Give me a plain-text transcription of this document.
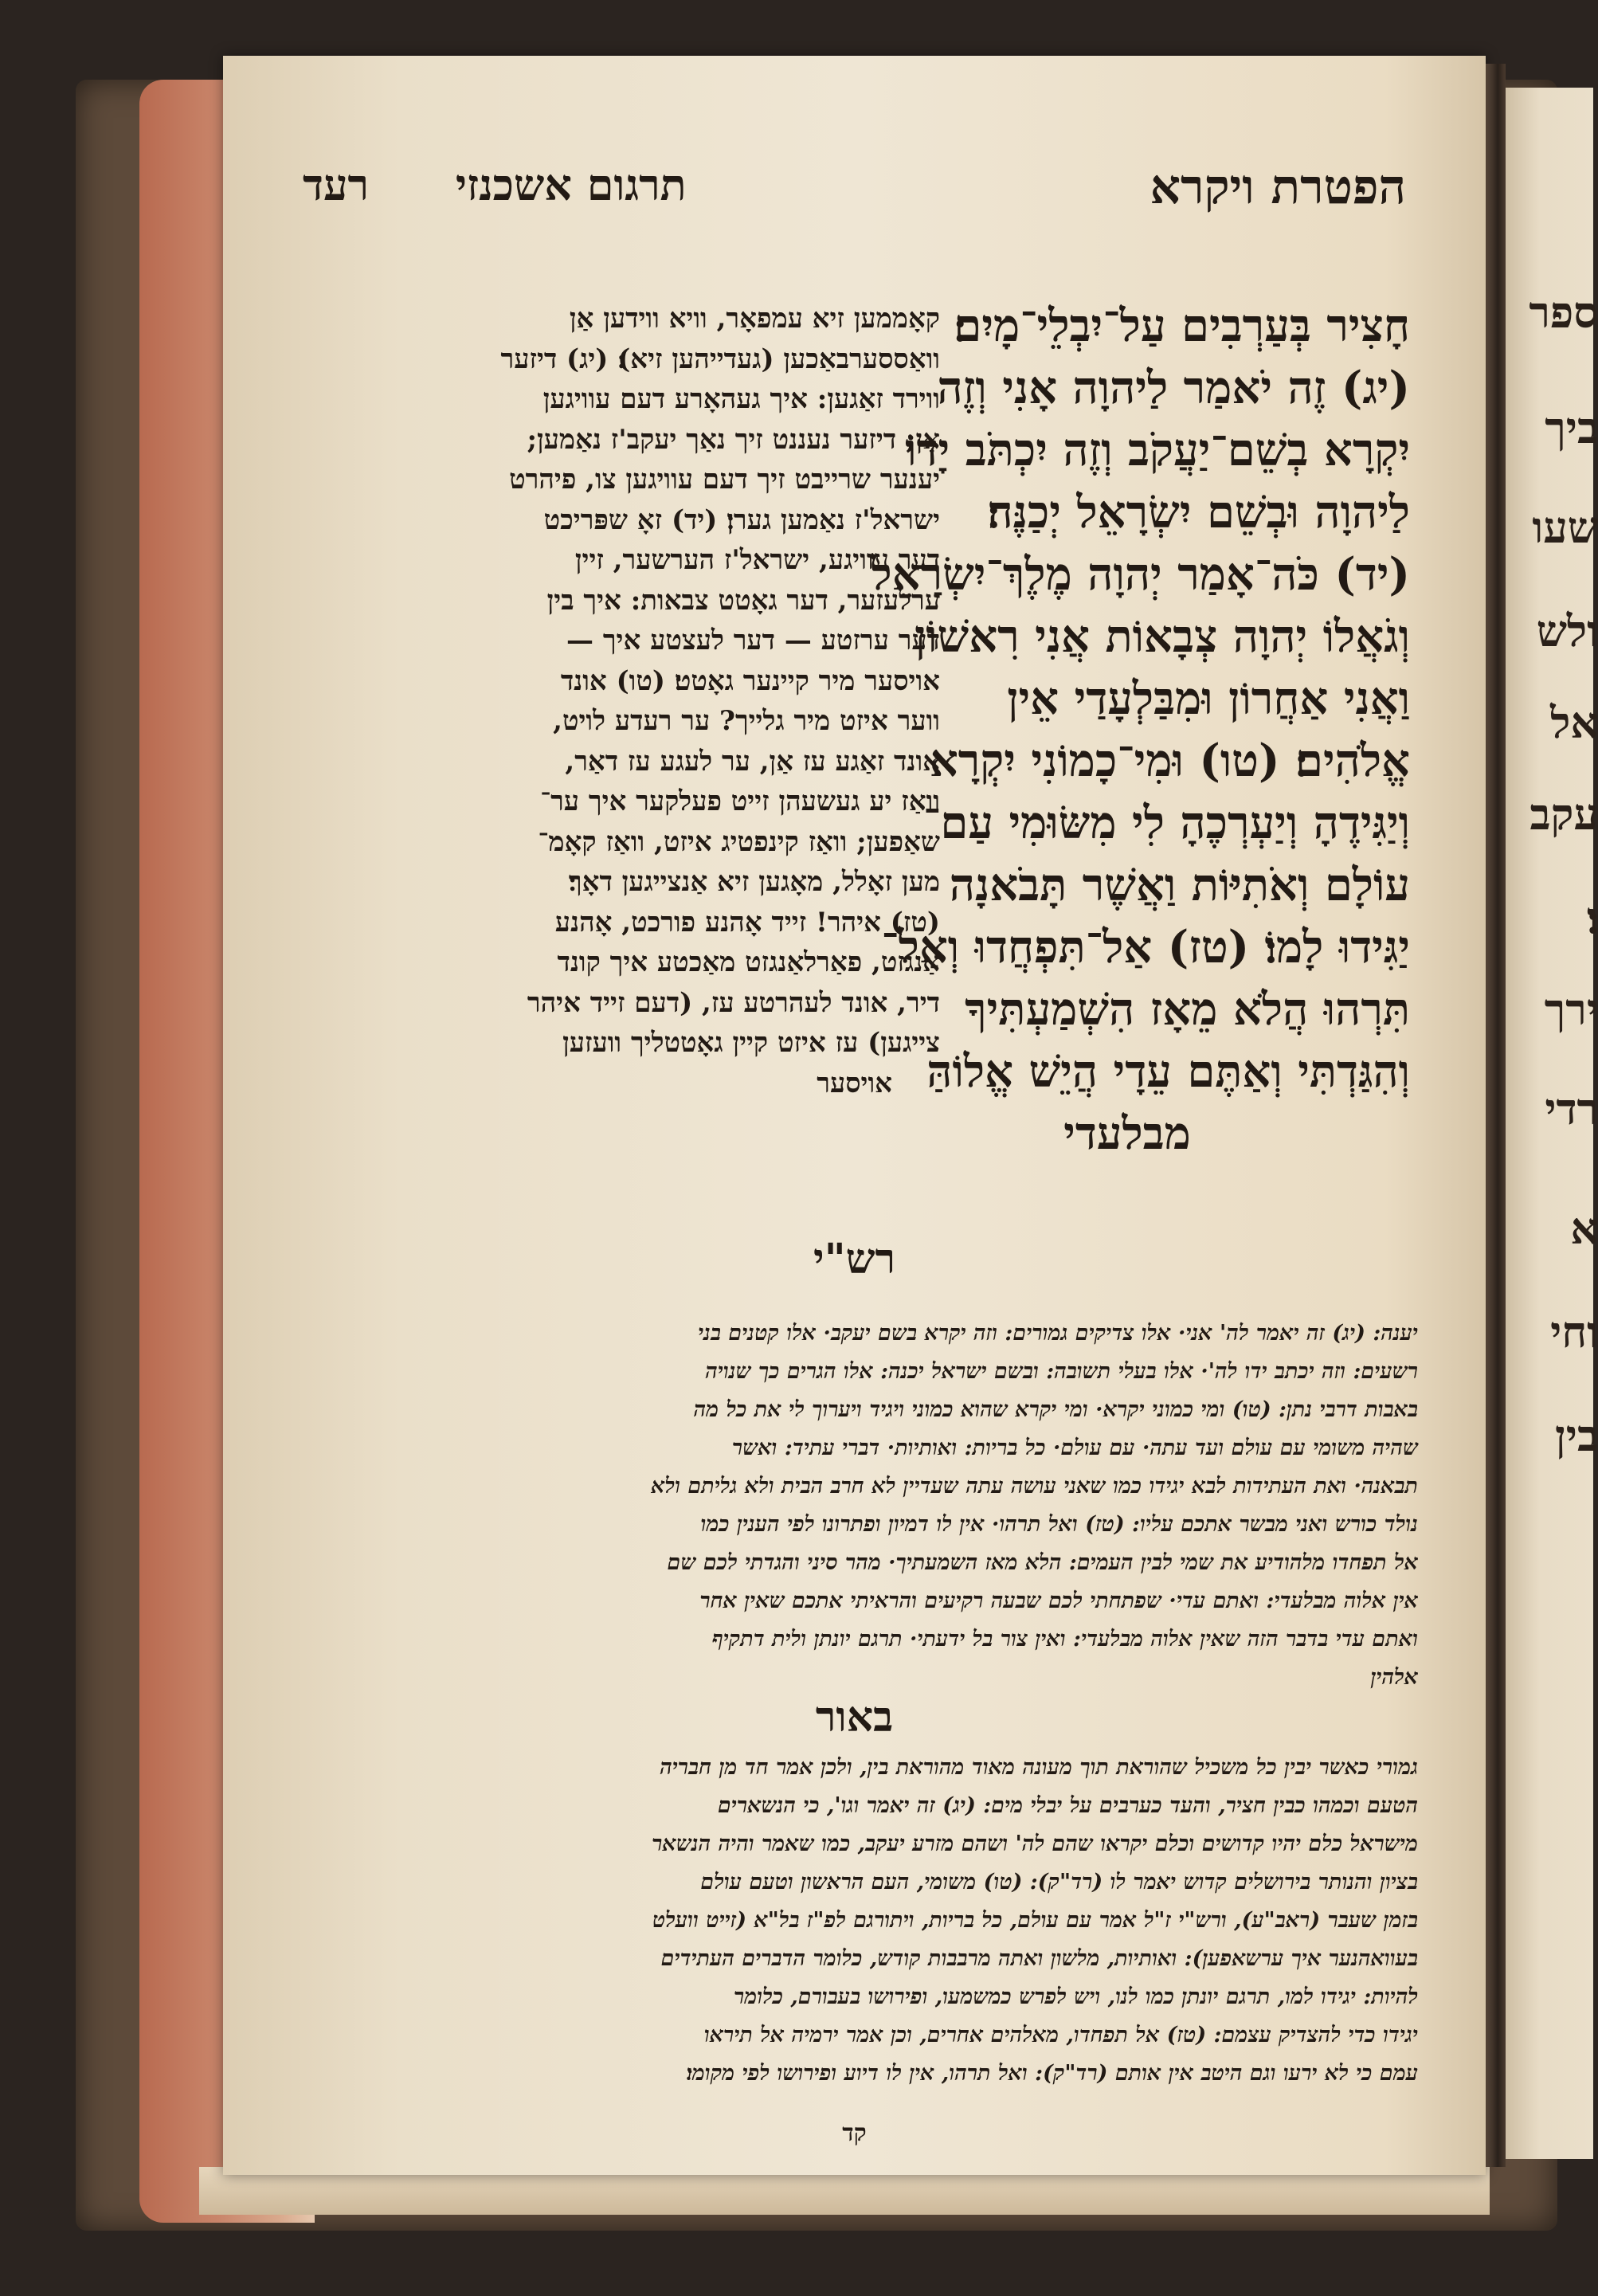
ספר
ביך
שעו
ולש
אל
עקב
ו׃
ירך
רדי
א
וחי
בין
הפטרת ויקרא
תרגום אשכנזי רעד
חָצִיר בְּעַרְבִים עַל־יִבְלֵי־מָיִם׃
(יג) זֶה יֹאמַר לַיהוָה אָנִי וְזֶה
יִקְרָא בְשֵׁם־יַעֲקֹב וְזֶה יִכְתֹּב יָדוֹ
לַיהוָה וּבְשֵׁם יִשְׂרָאֵל יְכַנֶּה׃
(יד) כֹּה־אָמַר יְהוָה מֶלֶךְ־יִשְׂרָאֵל
וְגֹאֲלוֹ יְהוָה צְבָאוֹת אֲנִי רִאשׁוֹן
וַאֲנִי אַחֲרוֹן וּמִבַּלְעָדַי אֵין
אֱלֹהִים׃ (טו) וּמִי־כָמוֹנִי יִקְרָא
וְיַגִּידֶהָ וְיַעְרְכֶהָ לִי מִשּׂוּמִי עַם־
עוֹלָם וְאֹתִיּוֹת וַאֲשֶׁר תָּבֹאנָה
יַגִּידוּ לָמוֹ׃ (טז) אַל־תִּפְחֲדוּ וְאַל־
תִּרְהוּ הֲלֹא מֵאָז הִשְׁמַעְתִּיךָ
וְהִגַּדְתִּי וְאַתֶּם עֵדָי הֲיֵשׁ אֱלוֹהַּ
מבלעדי
קאָממען זיא עמפאָר, וויא ווידען אַן
וואַססערבאַכען (געדייהען זיא)׃ (יג) דיזער
ווירד זאַגען: איך געהאָרע דעם עוויגען
אַן; דיזער נעננט זיך נאַך יעקב'ז נאַמען;
יענער שרייבט זיך דעם עוויגען צו, פיהרט
ישראל'ז נאַמען גערן׃ (יד) זאָ שפּריכט
דער עוויגע, ישראל'ז הערשער, זיין
ערלעזער, דער גאָטט צבאות: איך בין
דער ערזטע — דער לעצטע איך —
אויסער מיר קיינער גאָטט׃ (טו) אונד
ווער איזט מיר גלייך? ער רעדע לויט,
אונד זאַגע עז אַן, ער לעגע עז דאַר,
וואַז יע געשעהן זייט פעלקער איך ער־
שאַפען; וואַז קינפטיג איזט, וואַז קאָמ־
מען זאָלל, מאָגען זיא אַנצייגען דאָך׃
(טז) איהר! זייד אָהנע פורכט, אָהנע
אַנגזט, פאַרלאַנגזט מאַכטע איך קונד
דיר, אונד לעהרטע עז, (דעם זייד איהר
צייגען) עז איזט קיין גאָטטליך וועזען
אויסער
רש"י
יענה: (יג) זה יאמר לה' אני· אלו צדיקים גמורים: וזה יקרא בשם יעקב· אלו קטנים בני
רשעים: וזה יכתב ידו לה'· אלו בעלי תשובה: ובשם ישראל יכנה: אלו הגרים כך שנויה
באבות דרבי נתן: (טו) ומי כמוני יקרא· ומי יקרא שהוא כמוני ויגיד ויערוך לי את כל מה
שהיה משומי עם עולם ועד עתה· עם עולם· כל בריות: ואותיות· דברי עתיד: ואשר
תבאנה· ואת העתידות לבא יגידו כמו שאני עושה עתה שעדיין לא חרב הבית ולא גליתם ולא
נולד כורש ואני מבשר אתכם עליו: (טז) ואל תרהו· אין לו דמיון ופתרונו לפי הענין כמו
אל תפחדו מלהודיע את שמי לבין העמים: הלא מאז השמעתיך· מהר סיני והגדתי לכם שם
אין אלוה מבלעדי: ואתם עדי· שפתחתי לכם שבעה רקיעים והראיתי אתכם שאין אחר
ואתם עדי בדבר הזה שאין אלוה מבלעדי: ואין צור בל ידעתי· תרגם יונתן ולית דתקיף
אלהין
באור
גמורי כאשר יבין כל משכיל שהוראת תוך מעונה מאוד מהוראת בין, ולכן אמר חד מן חבריה
הטעם וכמהו כבין חציר, והעד כערבים על יבלי מים: (יג) זה יאמר וגו', כי הנשארים
מישראל כלם יהיו קדושים וכלם יקראו שהם לה' ושהם מזרע יעקב, כמו שאמר והיה הנשאר
בציון והנותר בירושלים קדוש יאמר לו (רד"ק): (טו) משומי, העם הראשון וטעם עולם
בזמן שעבר (ראב"ע), ורש"י ז"ל אמר עם עולם, כל בריות, ויתורגם לפ"ז בל"א (זייט וועלט
בעוואהנער איך ערשאפען): ואותיות, מלשון ואתה מרבבות קודש, כלומר הדברים העתידים
להיות: יגידו למו, תרגם יונתן כמו לנו, ויש לפרש כמשמעו, ופירושו בעבורם, כלומר
יגידו כדי להצדיק עצמם: (טז) אל תפחדו, מאלהים אחרים, וכן אמר ירמיה אל תיראו
עמם כי לא ירעו וגם היטב אין אותם (רד"ק): ואל תרהו, אין לו דיוע ופירושו לפי מקומו׃
קד
